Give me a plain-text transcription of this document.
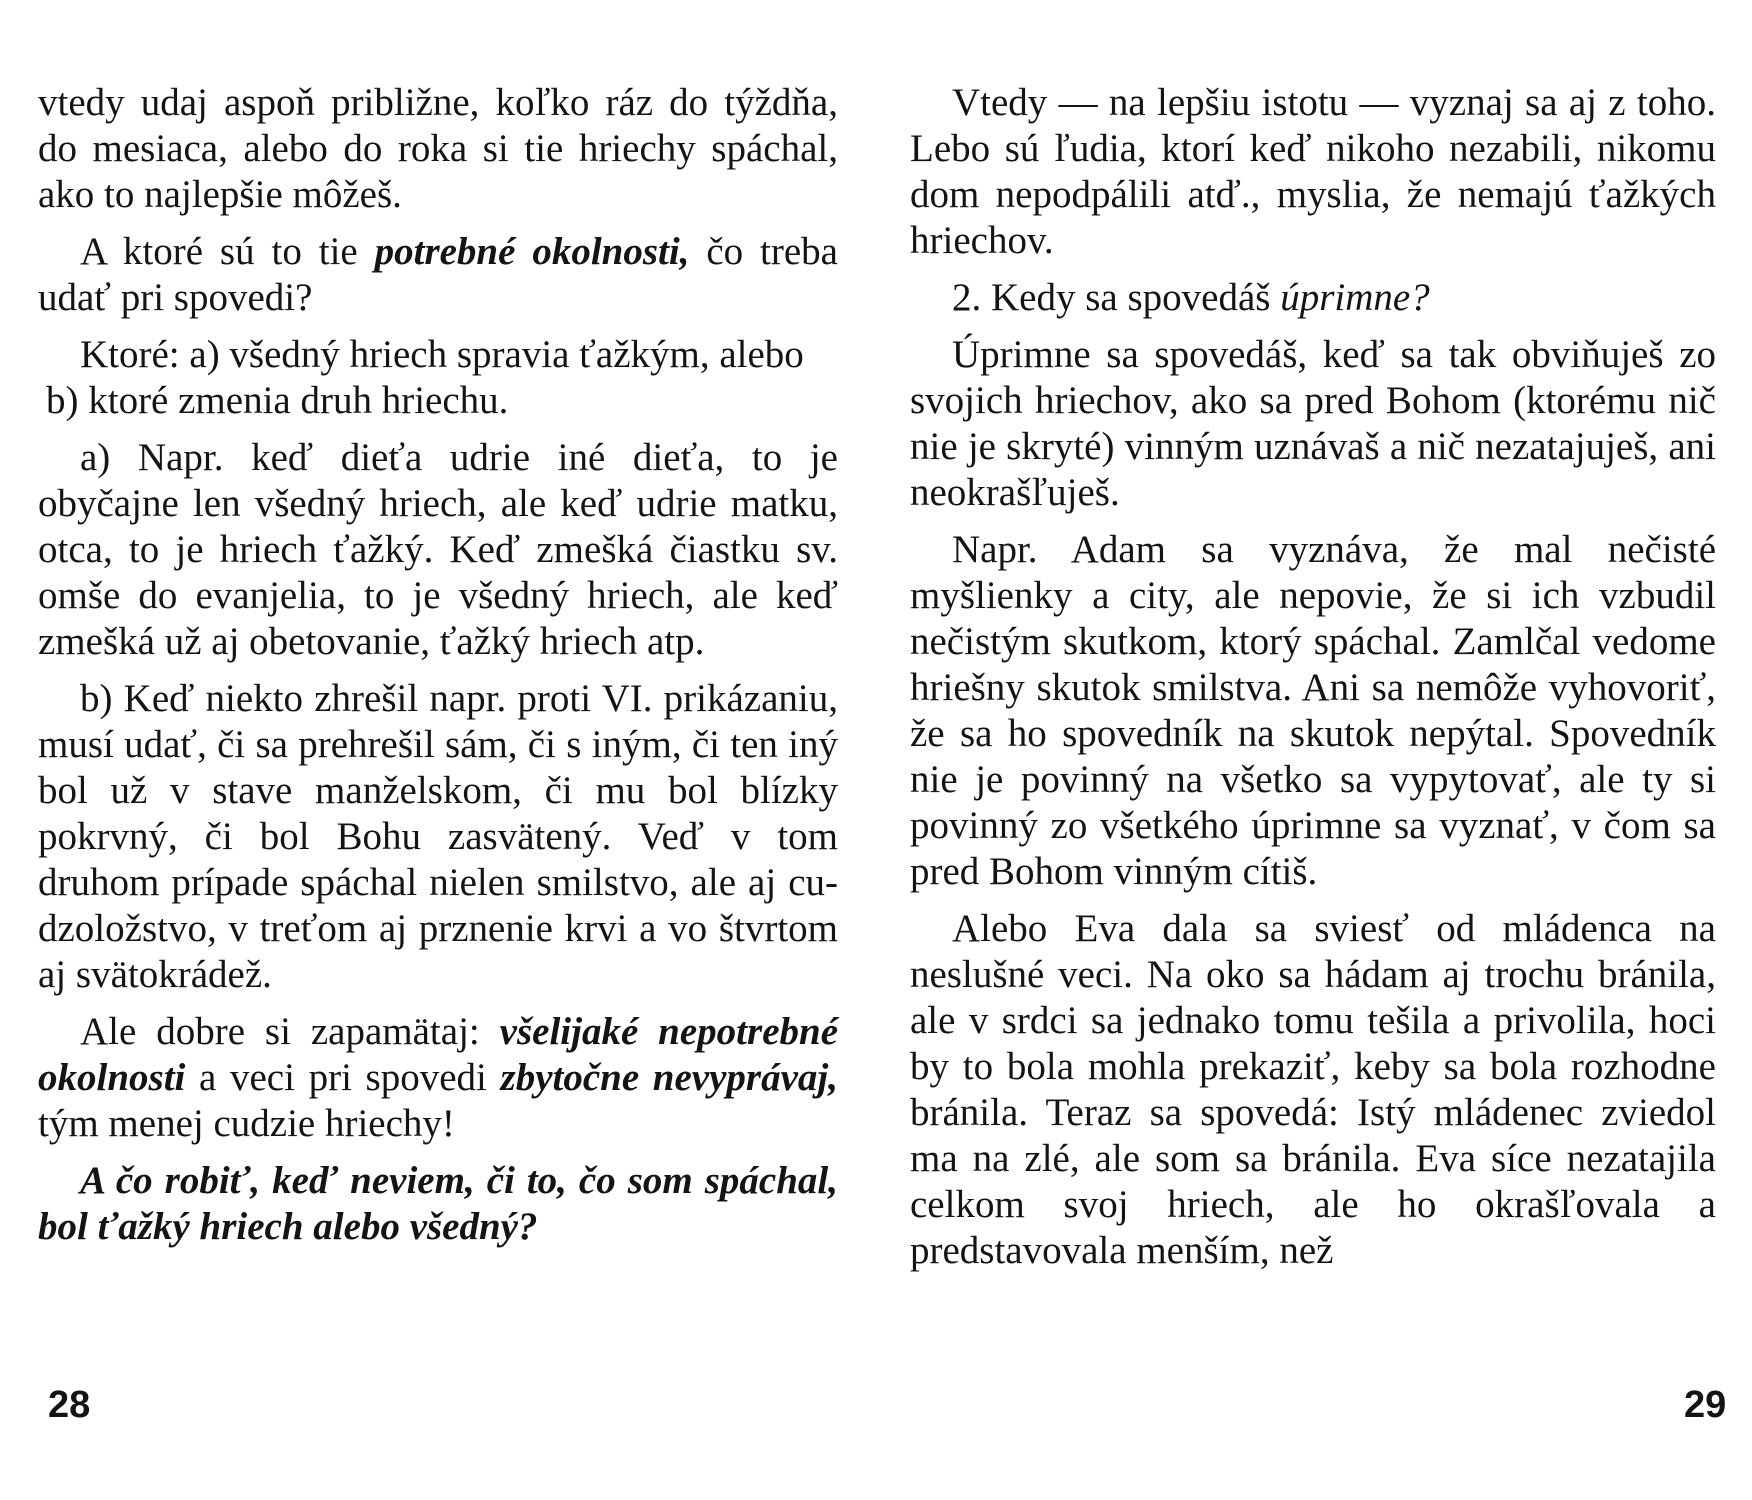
vtedy udaj aspoň približne, koľko ráz do týždňa, do mesiaca, alebo do roka si tie hriechy spáchal, ako to najlepšie môžeš.

A ktoré sú to tie potrebné okolnosti, čo treba udať pri spovedi?

Ktoré: a) všedný hriech spravia ťažkým, alebo

b) ktoré zmenia druh hriechu.

a) Napr. keď dieťa udrie iné dieťa, to je obyčajne len všedný hriech, ale keď udrie matku, otca, to je hriech ťažký. Keď zmešká čiastku sv. omše do evanjelia, to je všedný hriech, ale keď zmešká už aj obetovanie, ťažký hriech atp.

b) Keď niekto zhrešil napr. proti VI. prikázaniu, musí udať, či sa prehrešil sám, či s iným, či ten iný bol už v stave manželskom, či mu bol blízky pokrvný, či bol Bohu zasvätený. Veď v tom druhom prípade spáchal nielen smilstvo, ale aj cudzoložstvo, v treťom aj prznenie krvi a vo štvrtom aj svätokrádež.

Ale dobre si zapamätaj: všelijaké nepotrebné okolnosti a veci pri spovedi zbytočne nevyprávaj, tým menej cudzie hriechy!

A čo robiť, keď neviem, či to, čo som spáchal, bol ťažký hriech alebo všedný?

28

Vtedy — na lepšiu istotu — vyznaj sa aj z toho. Lebo sú ľudia, ktorí keď nikoho nezabili, nikomu dom nepodpálili atď., myslia, že nemajú ťažkých hriechov.

2. Kedy sa spovedáš úprimne?

Úprimne sa spovedáš, keď sa tak obviňuješ zo svojich hriechov, ako sa pred Bohom (ktorému nič nie je skryté) vinným uznávaš a nič nezatajuješ, ani neokrašľuješ.

Napr. Adam sa vyznáva, že mal nečisté myšlienky a city, ale nepovie, že si ich vzbudil nečistým skutkom, ktorý spáchal. Zamlčal vedome hriešny skutok smilstva. Ani sa nemôže vyhovoriť, že sa ho spovedník na skutok nepýtal. Spovedník nie je povinný na všetko sa vypytovať, ale ty si povinný zo všetkého úprimne sa vyznať, v čom sa pred Bohom vinným cítiš.

Alebo Eva dala sa sviesť od mládenca na neslušné veci. Na oko sa hádam aj trochu bránila, ale v srdci sa jednako tomu tešila a privolila, hoci by to bola mohla prekaziť, keby sa bola rozhodne bránila. Teraz sa spovedá: Istý mládenec zviedol ma na zlé, ale som sa bránila. Eva síce nezatajila celkom svoj hriech, ale ho okrašľovala a predstavovala menším, než

29
